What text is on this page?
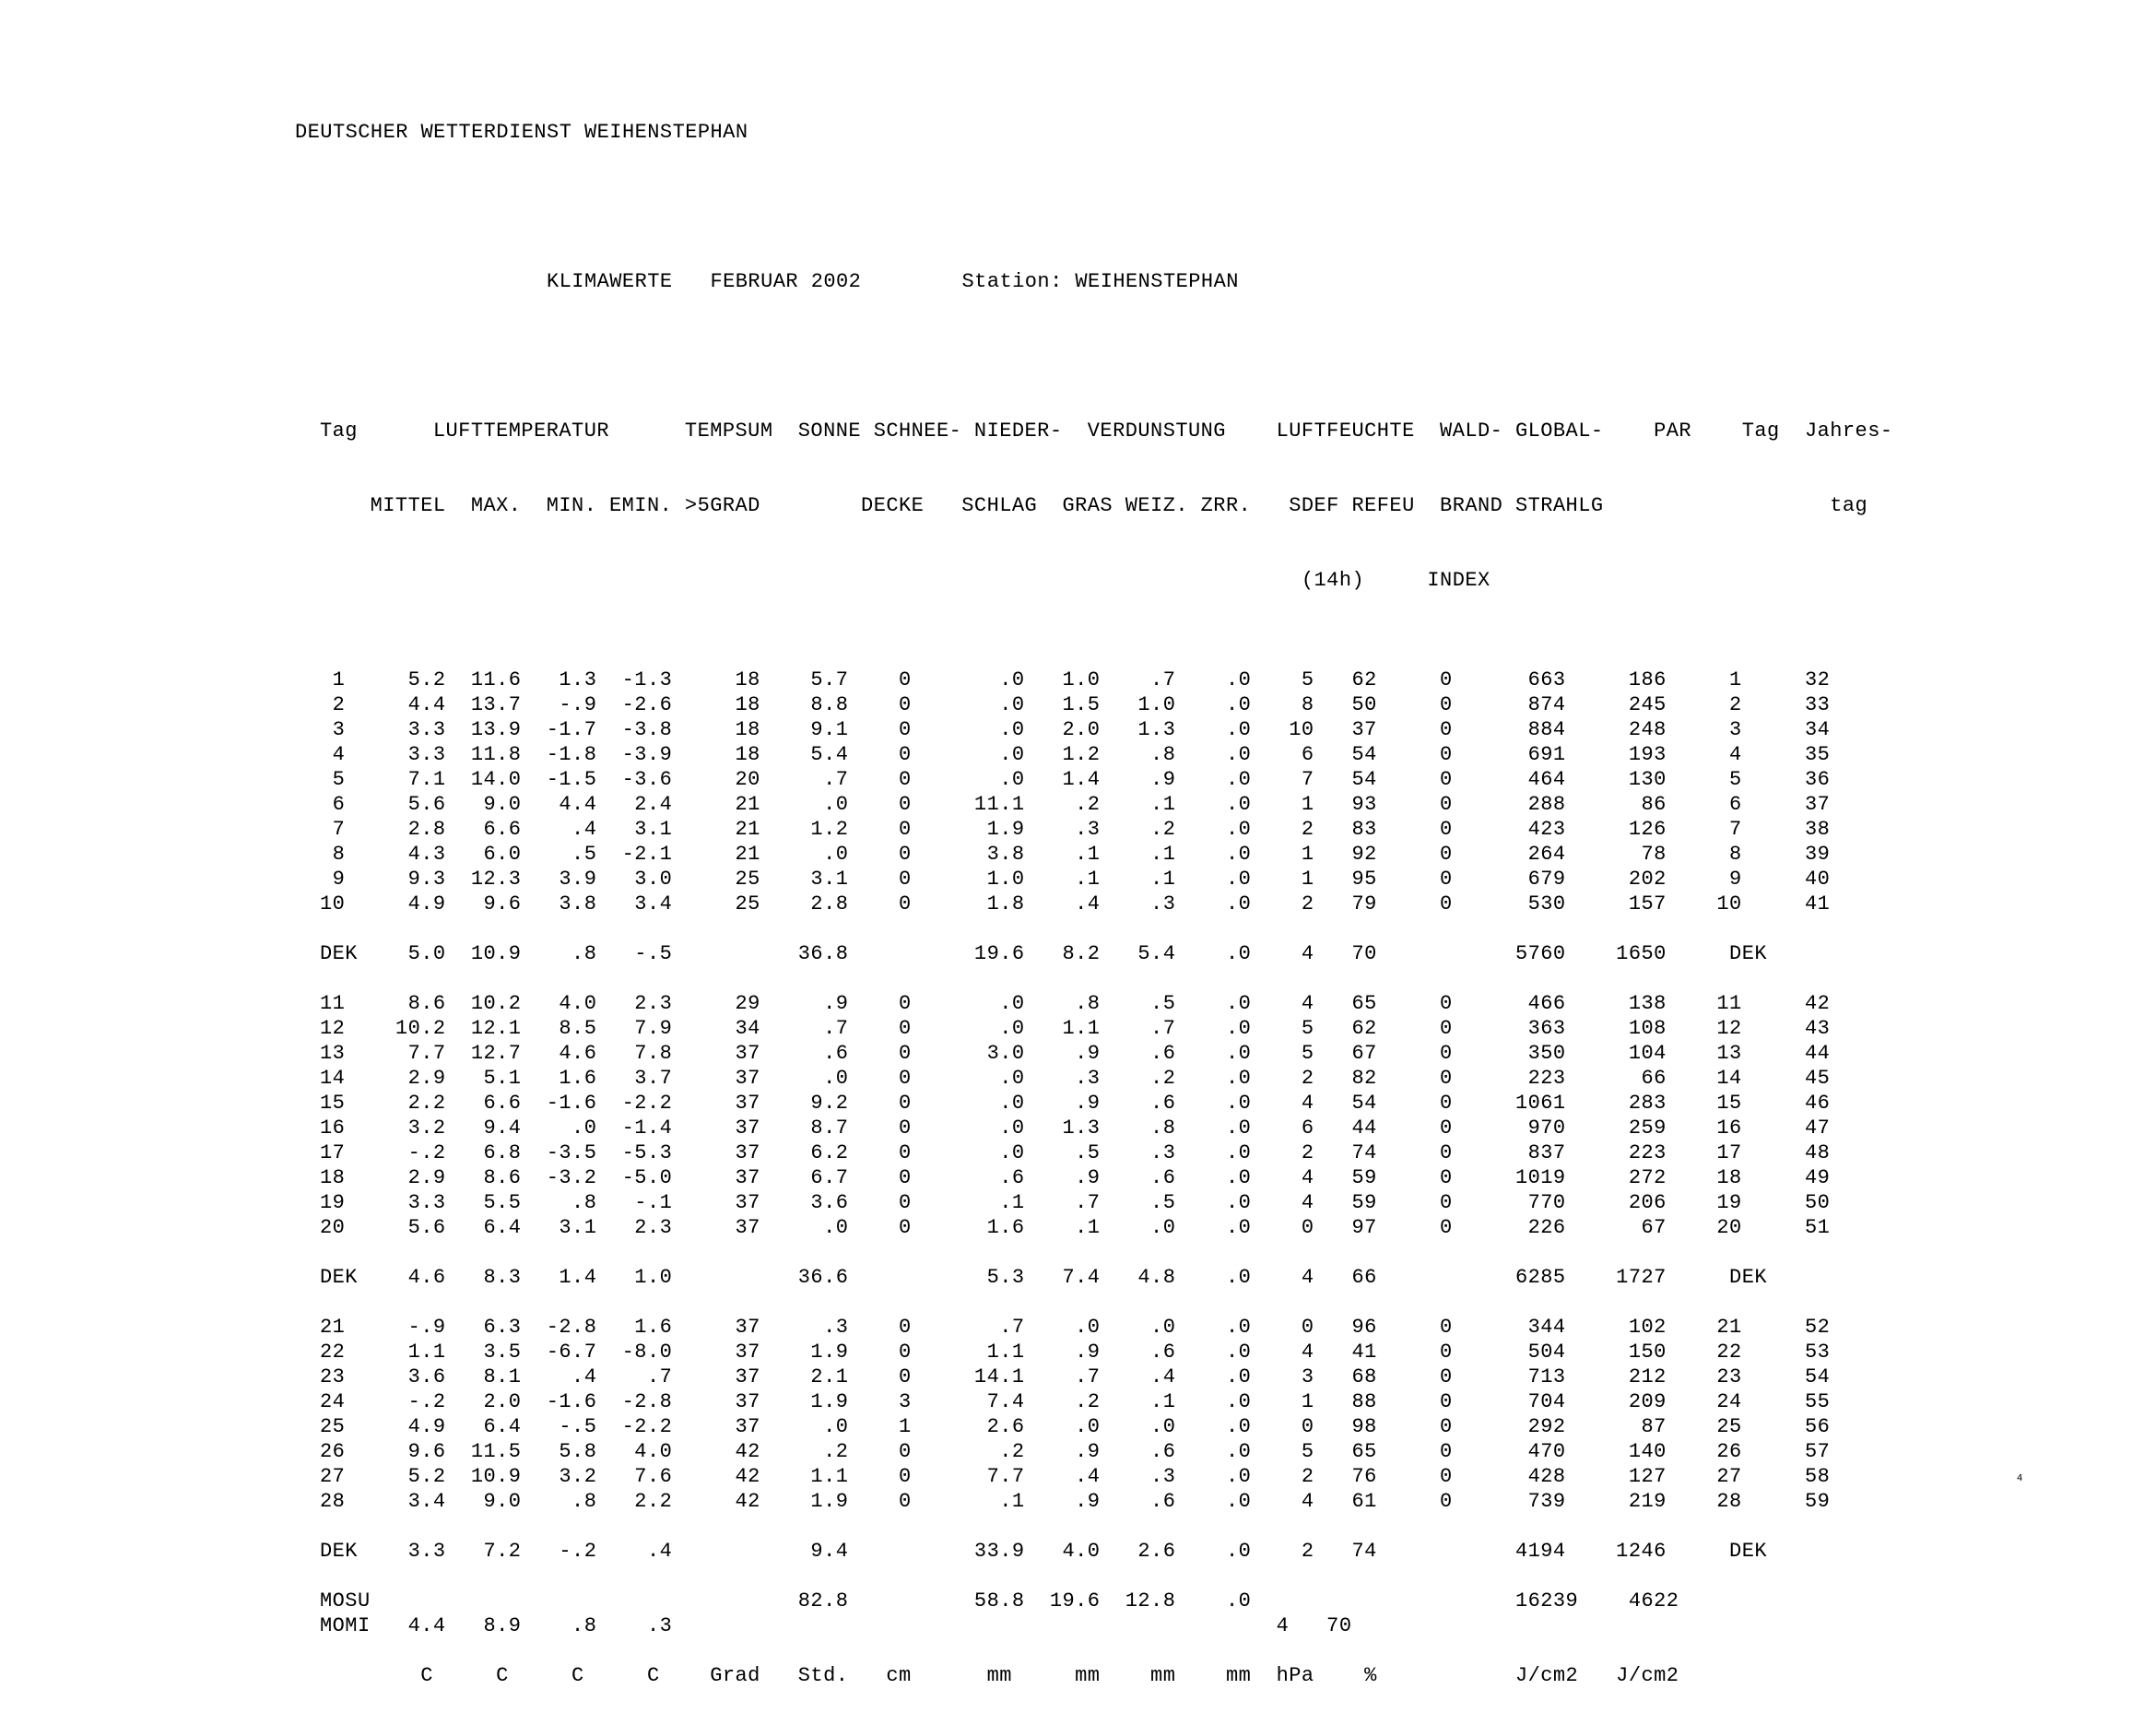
DEUTSCHER WETTERDIENST WEIHENSTEPHAN

KLIMAWERTE   FEBRUAR 2002        Station: WEIHENSTEPHAN

Tag      LUFTTEMPERATUR      TEMPSUM  SONNE SCHNEE- NIEDER-  VERDUNSTUNG    LUFTFEUCHTE  WALD- GLOBAL-    PAR    Tag  Jahres-

MITTEL  MAX.  MIN. EMIN. >5GRAD        DECKE   SCHLAG  GRAS WEIZ. ZRR.   SDEF REFEU  BRAND STRAHLG                  tag

(14h)     INDEX

1     5.2  11.6   1.3  -1.3     18    5.7    0       .0   1.0    .7    .0    5   62     0      663     186     1     32
2     4.4  13.7   -.9  -2.6     18    8.8    0       .0   1.5   1.0    .0    8   50     0      874     245     2     33
3     3.3  13.9  -1.7  -3.8     18    9.1    0       .0   2.0   1.3    .0   10   37     0      884     248     3     34
4     3.3  11.8  -1.8  -3.9     18    5.4    0       .0   1.2    .8    .0    6   54     0      691     193     4     35
5     7.1  14.0  -1.5  -3.6     20     .7    0       .0   1.4    .9    .0    7   54     0      464     130     5     36
6     5.6   9.0   4.4   2.4     21     .0    0     11.1    .2    .1    .0    1   93     0      288      86     6     37
7     2.8   6.6    .4   3.1     21    1.2    0      1.9    .3    .2    .0    2   83     0      423     126     7     38
8     4.3   6.0    .5  -2.1     21     .0    0      3.8    .1    .1    .0    1   92     0      264      78     8     39
9     9.3  12.3   3.9   3.0     25    3.1    0      1.0    .1    .1    .0    1   95     0      679     202     9     40
10     4.9   9.6   3.8   3.4     25    2.8    0      1.8    .4    .3    .0    2   79     0      530     157    10     41
DEK    5.0  10.9    .8   -.5          36.8          19.6   8.2   5.4    .0    4   70           5760    1650     DEK
11     8.6  10.2   4.0   2.3     29     .9    0       .0    .8    .5    .0    4   65     0      466     138    11     42
12    10.2  12.1   8.5   7.9     34     .7    0       .0   1.1    .7    .0    5   62     0      363     108    12     43
13     7.7  12.7   4.6   7.8     37     .6    0      3.0    .9    .6    .0    5   67     0      350     104    13     44
14     2.9   5.1   1.6   3.7     37     .0    0       .0    .3    .2    .0    2   82     0      223      66    14     45
15     2.2   6.6  -1.6  -2.2     37    9.2    0       .0    .9    .6    .0    4   54     0     1061     283    15     46
16     3.2   9.4    .0  -1.4     37    8.7    0       .0   1.3    .8    .0    6   44     0      970     259    16     47
17     -.2   6.8  -3.5  -5.3     37    6.2    0       .0    .5    .3    .0    2   74     0      837     223    17     48
18     2.9   8.6  -3.2  -5.0     37    6.7    0       .6    .9    .6    .0    4   59     0     1019     272    18     49
19     3.3   5.5    .8   -.1     37    3.6    0       .1    .7    .5    .0    4   59     0      770     206    19     50
20     5.6   6.4   3.1   2.3     37     .0    0      1.6    .1    .0    .0    0   97     0      226      67    20     51
DEK    4.6   8.3   1.4   1.0          36.6           5.3   7.4   4.8    .0    4   66           6285    1727     DEK
21     -.9   6.3  -2.8   1.6     37     .3    0       .7    .0    .0    .0    0   96     0      344     102    21     52
22     1.1   3.5  -6.7  -8.0     37    1.9    0      1.1    .9    .6    .0    4   41     0      504     150    22     53
23     3.6   8.1    .4    .7     37    2.1    0     14.1    .7    .4    .0    3   68     0      713     212    23     54
24     -.2   2.0  -1.6  -2.8     37    1.9    3      7.4    .2    .1    .0    1   88     0      704     209    24     55
25     4.9   6.4   -.5  -2.2     37     .0    1      2.6    .0    .0    .0    0   98     0      292      87    25     56
26     9.6  11.5   5.8   4.0     42     .2    0       .2    .9    .6    .0    5   65     0      470     140    26     57
27     5.2  10.9   3.2   7.6     42    1.1    0      7.7    .4    .3    .0    2   76     0      428     127    27     58
28     3.4   9.0    .8   2.2     42    1.9    0       .1    .9    .6    .0    4   61     0      739     219    28     59
DEK    3.3   7.2   -.2    .4           9.4          33.9   4.0   2.6    .0    2   74           4194    1246     DEK
MOSU                                  82.8          58.8  19.6  12.8    .0                     16239    4622
MOMI   4.4   8.9    .8    .3                                                4   70
C     C     C     C    Grad   Std.   cm      mm     mm    mm    mm  hPa    %           J/cm2   J/cm2

4
